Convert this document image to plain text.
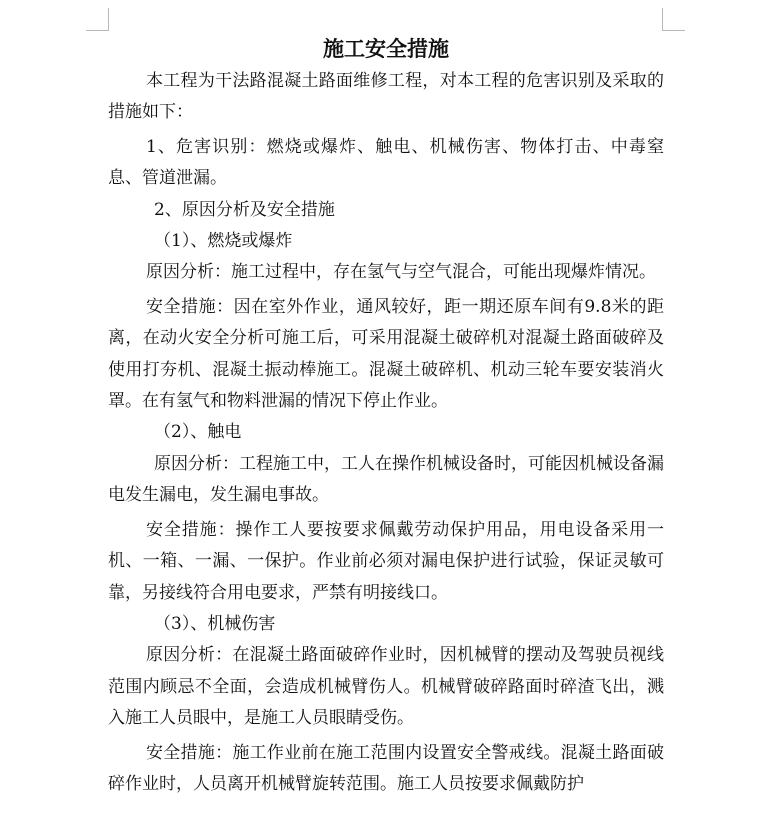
施工安全措施

本工程为干法路混凝土路面维修工程，对本工程的危害识别及采取的措施如下：

1、危害识别：燃烧或爆炸、触电、机械伤害、物体打击、中毒窒息、管道泄漏。

2、原因分析及安全措施

（1）、燃烧或爆炸

原因分析：施工过程中，存在氢气与空气混合，可能出现爆炸情况。

安全措施：因在室外作业，通风较好，距一期还原车间有9.8米的距离，在动火安全分析可施工后，可采用混凝土破碎机对混凝土路面破碎及使用打夯机、混凝土振动棒施工。混凝土破碎机、机动三轮车要安装消火罩。在有氢气和物料泄漏的情况下停止作业。

（2）、触电

原因分析：工程施工中，工人在操作机械设备时，可能因机械设备漏电发生漏电，发生漏电事故。

安全措施：操作工人要按要求佩戴劳动保护用品，用电设备采用一机、一箱、一漏、一保护。作业前必须对漏电保护进行试验，保证灵敏可靠，另接线符合用电要求，严禁有明接线口。

（3）、机械伤害

原因分析：在混凝土路面破碎作业时，因机械臂的摆动及驾驶员视线范围内顾忌不全面，会造成机械臂伤人。机械臂破碎路面时碎渣飞出，溅入施工人员眼中，是施工人员眼睛受伤。

安全措施：施工作业前在施工范围内设置安全警戒线。混凝土路面破碎作业时，人员离开机械臂旋转范围。施工人员按要求佩戴防护
